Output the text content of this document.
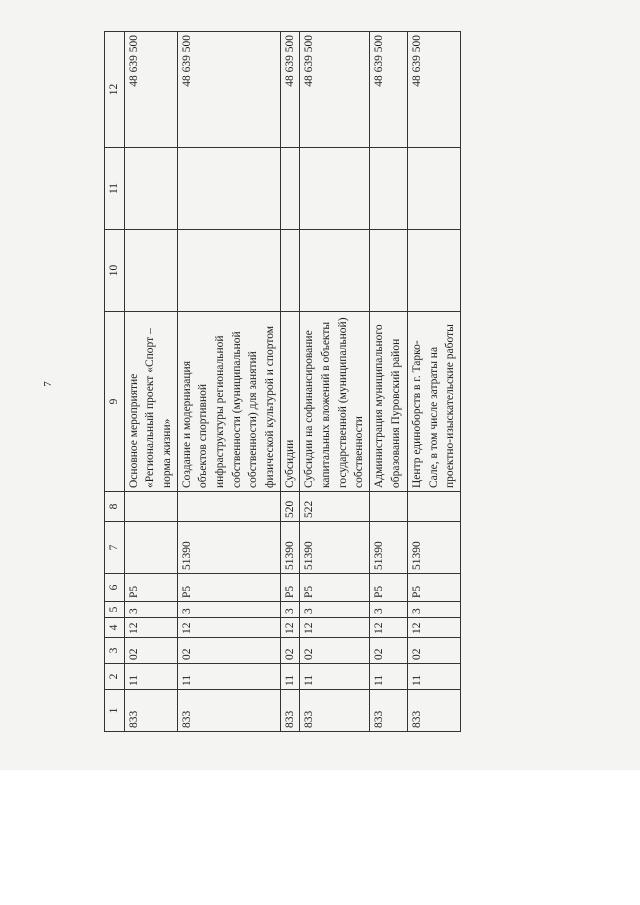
7
1	2	3	4	5	6	7	8	9	10	11	12
833	11	02	12	3	P5			Основное мероприятие «Региональный проект «Спорт – норма жизни»			48 639 500
833	11	02	12	3	P5	51390		Создание и модернизация объектов спортивной инфраструктуры региональной собственности (муниципальной собственности) для занятий физической культурой и спортом			48 639 500
833	11	02	12	3	P5	51390	520	Субсидии			48 639 500
833	11	02	12	3	P5	51390	522	Субсидии на софинансирование капитальных вложений в объекты государственной (муниципальной) собственности			48 639 500
833	11	02	12	3	P5	51390		Администрация муниципального образования Пуровский район			48 639 500
833	11	02	12	3	P5	51390		Центр единоборств в г. Тарко-Сале, в том числе затраты на проектно-изыскательские работы			48 639 500
